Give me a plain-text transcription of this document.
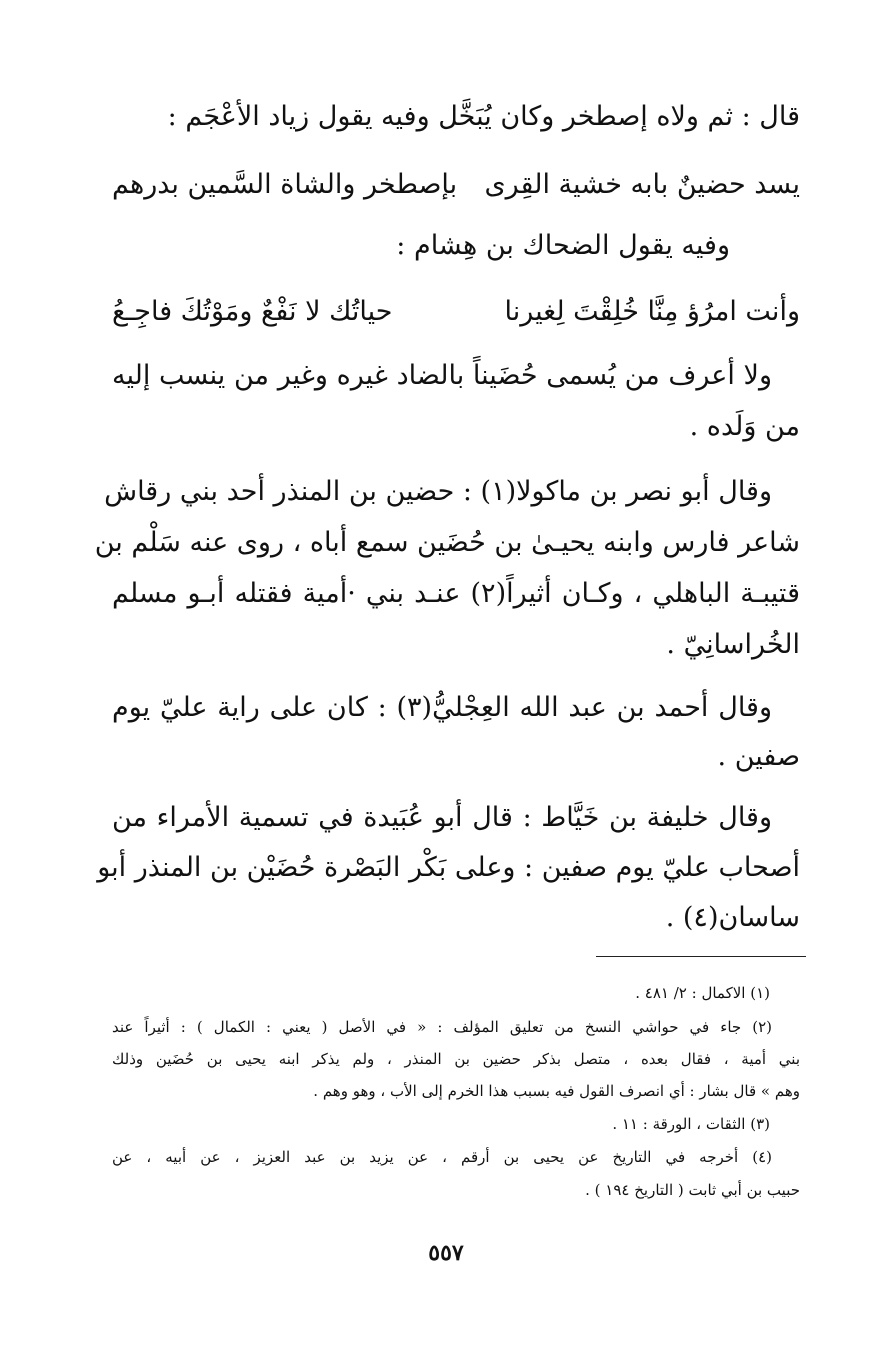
قال : ثم ولاه إصطخر وكان يُبَخَّل وفيه يقول زياد الأعْجَم :
يسد حضينٌ بابه خشية القِرى
بإصطخر والشاة السَّمين بدرهم
وفيه يقول الضحاك بن هِشام :
وأنت امرُؤ مِنَّا خُلِقْتَ لِغيرنا
حياتُك لا نَفْعٌ ومَوْتُكَ فاجِـعُ
ولا أعرف من يُسمى حُضَيناً بالضاد غيره وغير من ينسب إليه
من وَلَده .
وقال أبو نصر بن ماكولا(١) : حضين بن المنذر أحد بني رقاش
شاعر فارس وابنه يحيـىٰ بن حُضَين سمع أباه ، روى عنه سَلْم بن
قتيبـة الباهلي ، وكـان أثيراً(٢) عنـد بني ·أمية فقتله أبـو مسلم
الخُراسانِيّ .
وقال أحمد بن عبد الله العِجْليُّ(٣) : كان على راية عليّ يوم
صفين .
وقال خليفة بن خَيَّاط : قال أبو عُبَيدة في تسمية الأمراء من
أصحاب عليّ يوم صفين : وعلى بَكْر البَصْرة حُضَيْن بن المنذر أبو
ساسان(٤) .
(١) الاكمال : ٢/ ٤٨١ .
(٢) جاء في حواشي النسخ من تعليق المؤلف : « في الأصل ( يعني : الكمال ) : أثيراً عند
بني أمية ، فقال بعده ، متصل بذكر حضين بن المنذر ، ولم يذكر ابنه يحيى بن حُضَين وذلك
وهم » قال بشار : أي انصرف القول فيه بسبب هذا الخرم إلى الأب ، وهو وهم .
(٣) الثقات ، الورقة : ١١ .
(٤) أخرجه في التاريخ عن يحيى بن أرقم ، عن يزيد بن عبد العزيز ، عن أبيه ، عن
حبيب بن أبي ثابت ( التاريخ ١٩٤ ) .
٥٥٧
